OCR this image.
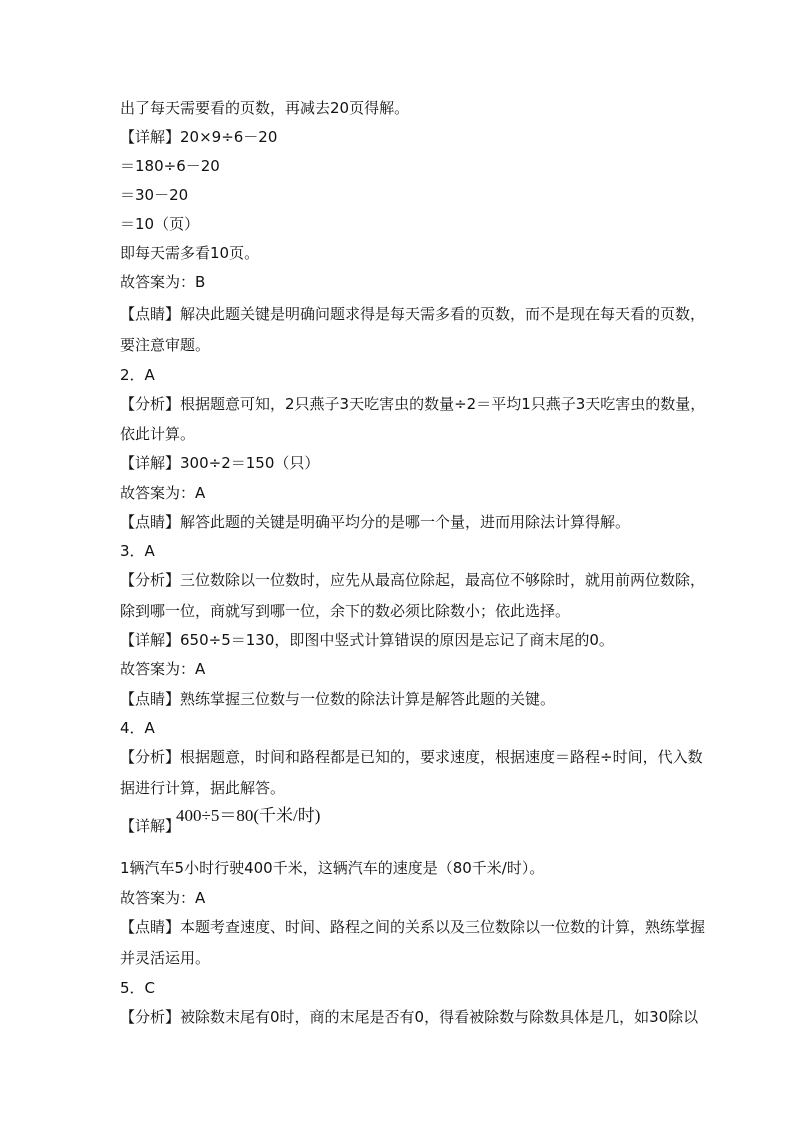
出了每天需要看的页数，再减去20页得解。
【详解】20×9÷6－20
＝180÷6－20
＝30－20
＝10（页）
即每天需多看10页。
故答案为：B
【点睛】解决此题关键是明确问题求得是每天需多看的页数，而不是现在每天看的页数，
要注意审题。
2．A
【分析】根据题意可知，2只燕子3天吃害虫的数量÷2＝平均1只燕子3天吃害虫的数量，
依此计算。
【详解】300÷2＝150（只）
故答案为：A
【点睛】解答此题的关键是明确平均分的是哪一个量，进而用除法计算得解。
3．A
【分析】三位数除以一位数时，应先从最高位除起，最高位不够除时，就用前两位数除，
除到哪一位，商就写到哪一位，余下的数必须比除数小；依此选择。
【详解】650÷5＝130，即图中竖式计算错误的原因是忘记了商末尾的0。
故答案为：A
【点睛】熟练掌握三位数与一位数的除法计算是解答此题的关键。
4．A
【分析】根据题意，时间和路程都是已知的，要求速度，根据速度＝路程÷时间，代入数
据进行计算，据此解答。
【详解】
400÷5＝80(千米/时)
1辆汽车5小时行驶400千米，这辆汽车的速度是（80千米/时）。
故答案为：A
【点睛】本题考查速度、时间、路程之间的关系以及三位数除以一位数的计算，熟练掌握
并灵活运用。
5．C
【分析】被除数末尾有0时，商的末尾是否有0，得看被除数与除数具体是几，如30除以
